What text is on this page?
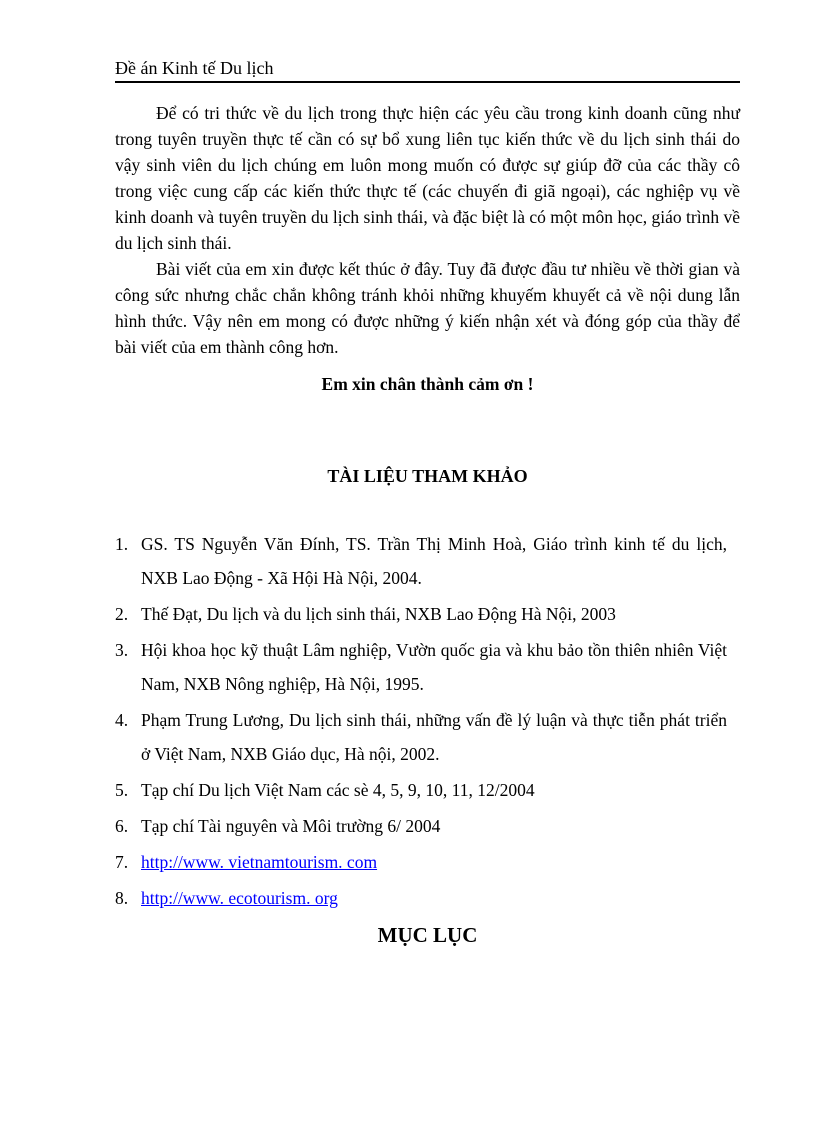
Đề án Kinh tế Du lịch

Để có tri thức về du lịch trong thực hiện các yêu cầu trong kinh doanh cũng như trong tuyên truyền thực tế cần có sự bổ xung liên tục kiến thức về du lịch sinh thái do vậy sinh viên du lịch chúng em luôn mong muốn có được sự giúp đỡ của các thầy cô trong việc cung cấp các kiến thức thực tế (các chuyến đi giã ngoại), các nghiệp vụ về kinh doanh và tuyên truyền du lịch sinh thái, và đặc biệt là có một môn học, giáo trình về du lịch sinh thái.

Bài viết của em xin được kết thúc ở đây. Tuy đã được đầu tư nhiều về thời gian và công sức nhưng chắc chắn không tránh khỏi những khuyếm khuyết cả về nội dung lẫn hình thức. Vậy nên em mong có được những ý kiến nhận xét và đóng góp của thầy để bài viết của em thành công hơn.

Em xin chân thành cảm ơn !
TÀI LIỆU THAM KHẢO
1. GS. TS Nguyễn Văn Đính, TS. Trần Thị Minh Hoà, Giáo trình kinh tế du lịch, NXB Lao Động - Xã Hội Hà Nội, 2004.
2. Thế Đạt, Du lịch và du lịch sinh thái, NXB Lao Động Hà Nội, 2003
3. Hội khoa học kỹ thuật Lâm nghiệp, Vườn quốc gia và khu bảo tồn thiên nhiên Việt Nam, NXB Nông nghiệp, Hà Nội, 1995.
4. Phạm Trung Lương, Du lịch sinh thái, những vấn đề lý luận và thực tiễn phát triển ở Việt Nam, NXB Giáo dục, Hà nội, 2002.
5. Tạp chí Du lịch Việt Nam các sè 4, 5, 9, 10, 11, 12/2004
6. Tạp chí Tài nguyên và Môi trường 6/ 2004
7. http://www. vietnamtourism. com
8. http://www. ecotourism. org
MỤC LỤC
